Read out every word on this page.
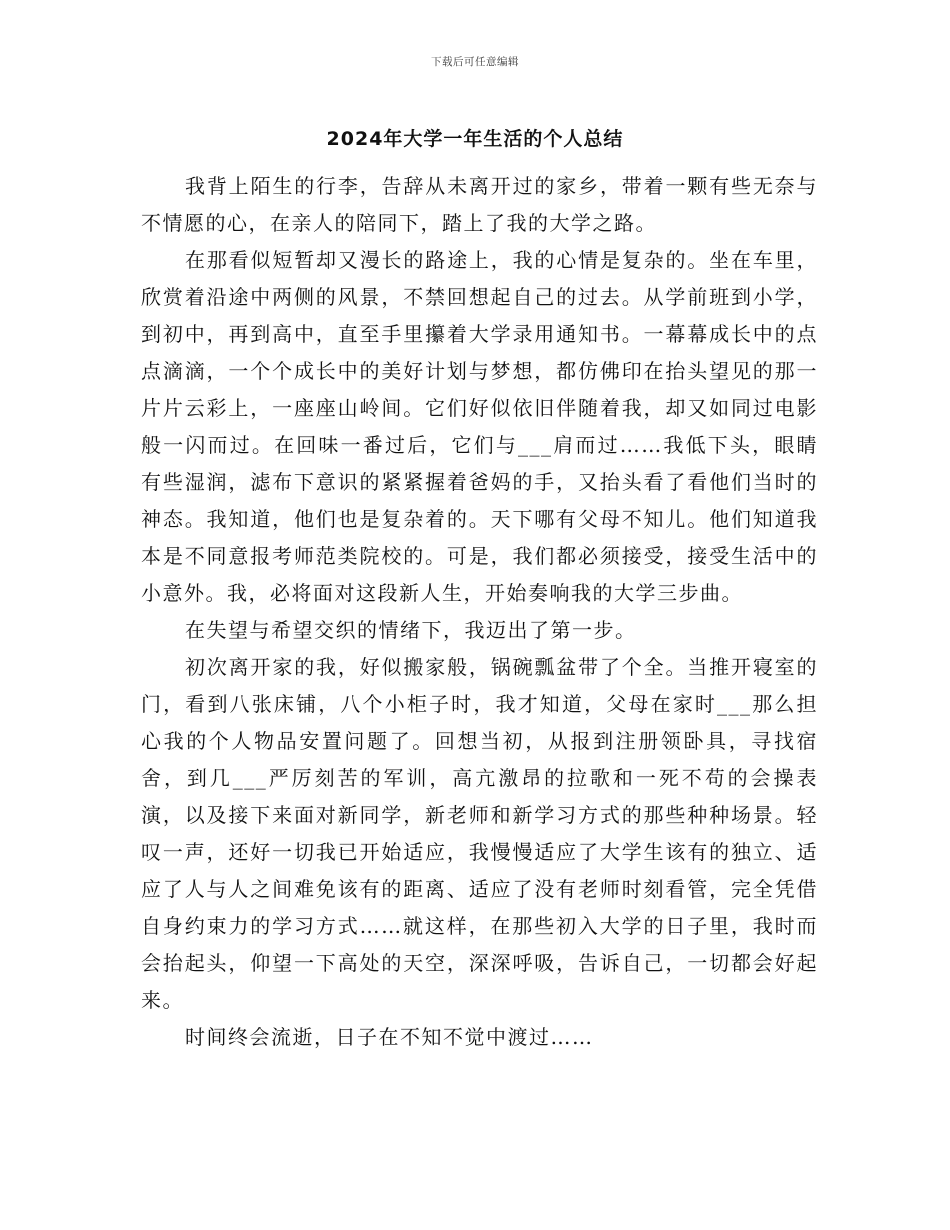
下载后可任意编辑
2024年大学一年生活的个人总结

我背上陌生的行李，告辞从未离开过的家乡，带着一颗有些无奈与不情愿的心，在亲人的陪同下，踏上了我的大学之路。

在那看似短暂却又漫长的路途上，我的心情是复杂的。坐在车里，欣赏着沿途中两侧的风景，不禁回想起自己的过去。从学前班到小学，到初中，再到高中，直至手里攥着大学录用通知书。一幕幕成长中的点点滴滴，一个个成长中的美好计划与梦想，都仿佛印在抬头望见的那一片片云彩上，一座座山岭间。它们好似依旧伴随着我，却又如同过电影般一闪而过。在回味一番过后，它们与___肩而过……我低下头，眼睛有些湿润，滤布下意识的紧紧握着爸妈的手，又抬头看了看他们当时的神态。我知道，他们也是复杂着的。天下哪有父母不知儿。他们知道我本是不同意报考师范类院校的。可是，我们都必须接受，接受生活中的小意外。我，必将面对这段新人生，开始奏响我的大学三步曲。

在失望与希望交织的情绪下，我迈出了第一步。

初次离开家的我，好似搬家般，锅碗瓢盆带了个全。当推开寝室的门，看到八张床铺，八个小柜子时，我才知道，父母在家时___那么担心我的个人物品安置问题了。回想当初，从报到注册领卧具，寻找宿舍，到几___严厉刻苦的军训，高亢激昂的拉歌和一死不苟的会操表演，以及接下来面对新同学，新老师和新学习方式的那些种种场景。轻叹一声，还好一切我已开始适应，我慢慢适应了大学生该有的独立、适应了人与人之间难免该有的距离、适应了没有老师时刻看管，完全凭借自身约束力的学习方式……就这样，在那些初入大学的日子里，我时而会抬起头，仰望一下高处的天空，深深呼吸，告诉自己，一切都会好起来。

时间终会流逝，日子在不知不觉中渡过……
